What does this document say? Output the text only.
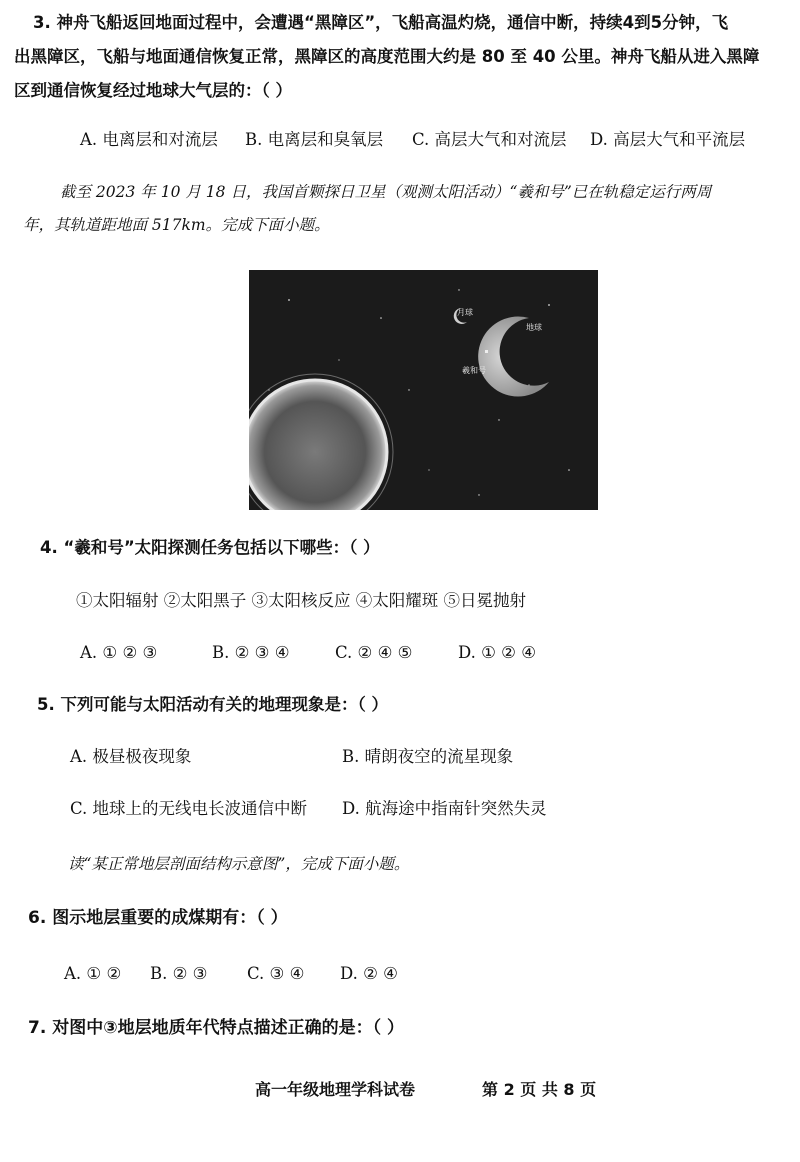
3. 神舟飞船返回地面过程中，会遭遇“黑障区”，飞船高温灼烧，通信中断，持续4到5分钟，飞
出黑障区，飞船与地面通信恢复正常，黑障区的高度范围大约是 80 至 40 公里。神舟飞船从进入黑障
区到通信恢复经过地球大气层的：（ ）
A. 电离层和对流层 B. 电离层和臭氧层 C. 高层大气和对流层 D. 高层大气和平流层
截至 2023 年 10 月 18 日，我国首颗探日卫星（观测太阳活动）“羲和号”已在轨稳定运行两周
年，其轨道距地面 517km。完成下面小题。
月球
地球
羲和号
4. “羲和号”太阳探测任务包括以下哪些：（ ）
①太阳辐射 ②太阳黑子 ③太阳核反应 ④太阳耀斑 ⑤日冕抛射
A. ① ② ③	B. ② ③ ④	C. ② ④ ⑤	D. ① ② ④
5. 下列可能与太阳活动有关的地理现象是：（ ）
A. 极昼极夜现象	B. 晴朗夜空的流星现象
C. 地球上的无线电长波通信中断 D. 航海途中指南针突然失灵
读“某正常地层剖面结构示意图”，完成下面小题。
6. 图示地层重要的成煤期有：（ ）
A. ① ② B. ② ③ C. ③ ④ D. ② ④
7. 对图中③地层地质年代特点描述正确的是：（ ）
高一年级地理学科试卷	第 2 页 共 8 页
